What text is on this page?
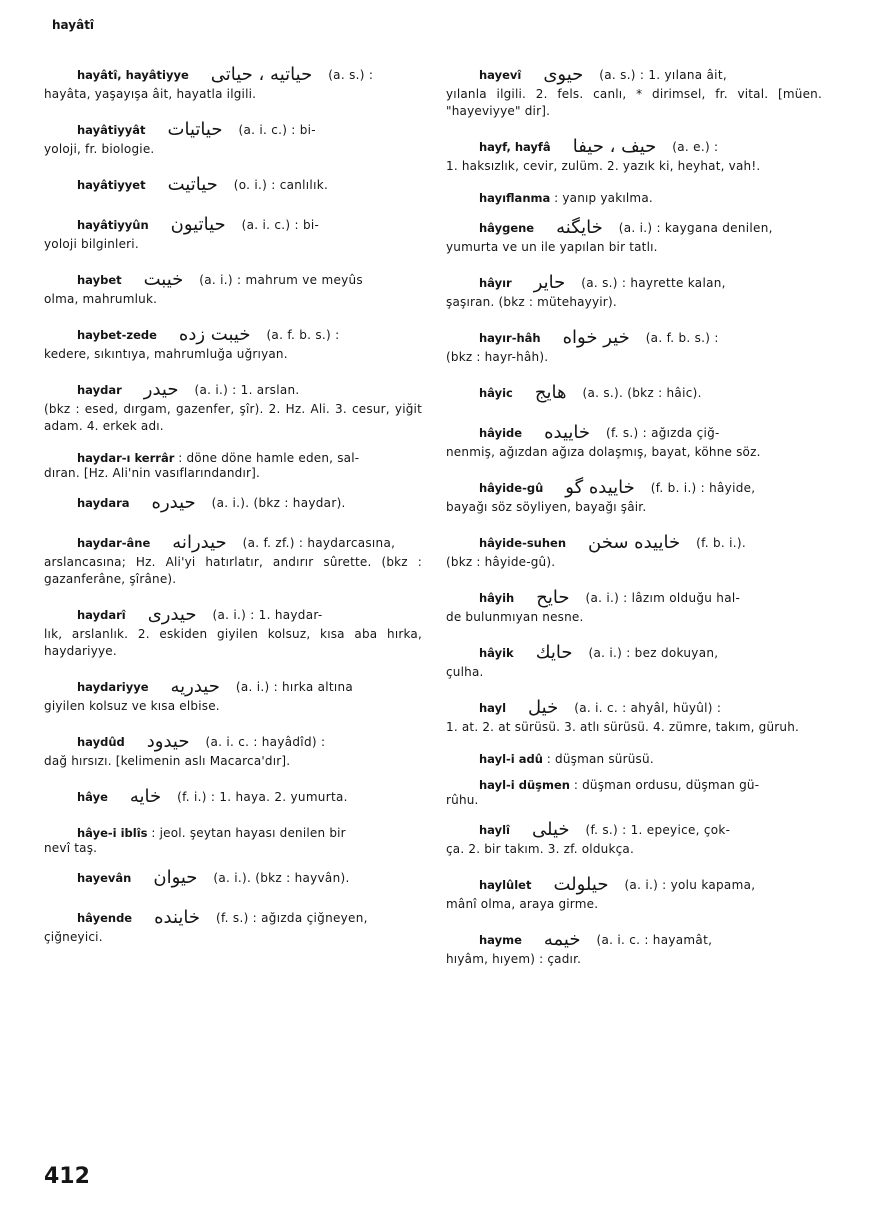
hayâtî
hayâtî, hayâtiyye حياتيه ، حياتى (a. s.) :
hayâta, yaşayışa âit, hayatla ilgili.
hayâtiyyât حياتيات (a. i. c.) : bi-
yoloji, fr. biologie.
hayâtiyyet حياتيت (o. i.) : canlılık.
hayâtiyyûn حياتيون (a. i. c.) : bi-
yoloji bilginleri.
haybet خيبت (a. i.) : mahrum ve meyûs
olma, mahrumluk.
haybet-zede خيبت زده (a. f. b. s.) :
kedere, sıkıntıya, mahrumluğa uğrıyan.
haydar حيدر (a. i.) : 1. arslan.
(bkz : esed, dırgam, gazenfer, şîr). 2. Hz. Ali. 3. cesur, yiğit adam. 4. erkek adı.
haydar-ı kerrâr : döne döne hamle eden, sal-
dıran. [Hz. Ali'nin vasıflarındandır].
haydara حيدره (a. i.). (bkz : haydar).
haydar-âne حيدرانه (a. f. zf.) : haydarcasına,
arslancasına; Hz. Ali'yi hatırlatır, andırır sûrette. (bkz : gazanferâne, şîrâne).
haydarî حيدرى (a. i.) : 1. haydar-
lık, arslanlık. 2. eskiden giyilen kolsuz, kısa aba hırka, haydariyye.
haydariyye حيدريه (a. i.) : hırka altına
giyilen kolsuz ve kısa elbise.
haydûd حيدود (a. i. c. : hayâdîd) :
dağ hırsızı. [kelimenin aslı Macarca'dır].
hâye خايه (f. i.) : 1. haya. 2. yumurta.
hâye-i iblîs : jeol. şeytan hayası denilen bir
nevî taş.
hayevân حيوان (a. i.). (bkz : hayvân).
hâyende خاينده (f. s.) : ağızda çiğneyen,
çiğneyici.
hayevî حيوى (a. s.) : 1. yılana âit,
yılanla ilgili. 2. fels. canlı, * dirimsel, fr. vital. [müen. "hayeviyye" dir].
hayf, hayfâ حيف ، حيفا (a. e.) :
1. haksızlık, cevir, zulüm. 2. yazık ki, heyhat, vah!.
hayıflanma : yanıp yakılma.
hâygene خايگنه (a. i.) : kaygana denilen,
yumurta ve un ile yapılan bir tatlı.
hâyır حاير (a. s.) : hayrette kalan,
şaşıran. (bkz : mütehayyir).
hayır-hâh خير خواه (a. f. b. s.) :
(bkz : hayr-hâh).
hâyic هايج (a. s.). (bkz : hâic).
hâyide خاييده (f. s.) : ağızda çiğ-
nenmiş, ağızdan ağıza dolaşmış, bayat, köhne söz.
hâyide-gû خاييده گو (f. b. i.) : hâyide,
bayağı söz söyliyen, bayağı şâir.
hâyide-suhen خاييده سخن (f. b. i.).
(bkz : hâyide-gû).
hâyih حايح (a. i.) : lâzım olduğu hal-
de bulunmıyan nesne.
hâyik حايك (a. i.) : bez dokuyan,
çulha.
hayl خيل (a. i. c. : ahyâl, hüyûl) :
1. at. 2. at sürüsü. 3. atlı sürüsü. 4. zümre, takım, güruh.
hayl-i adû : düşman sürüsü.
hayl-i düşmen : düşman ordusu, düşman gü-
rûhu.
haylî خيلى (f. s.) : 1. epeyice, çok-
ça. 2. bir takım. 3. zf. oldukça.
haylûlet حيلولت (a. i.) : yolu kapama,
mânî olma, araya girme.
hayme خيمه (a. i. c. : hayamât,
hıyâm, hıyem) : çadır.
412
